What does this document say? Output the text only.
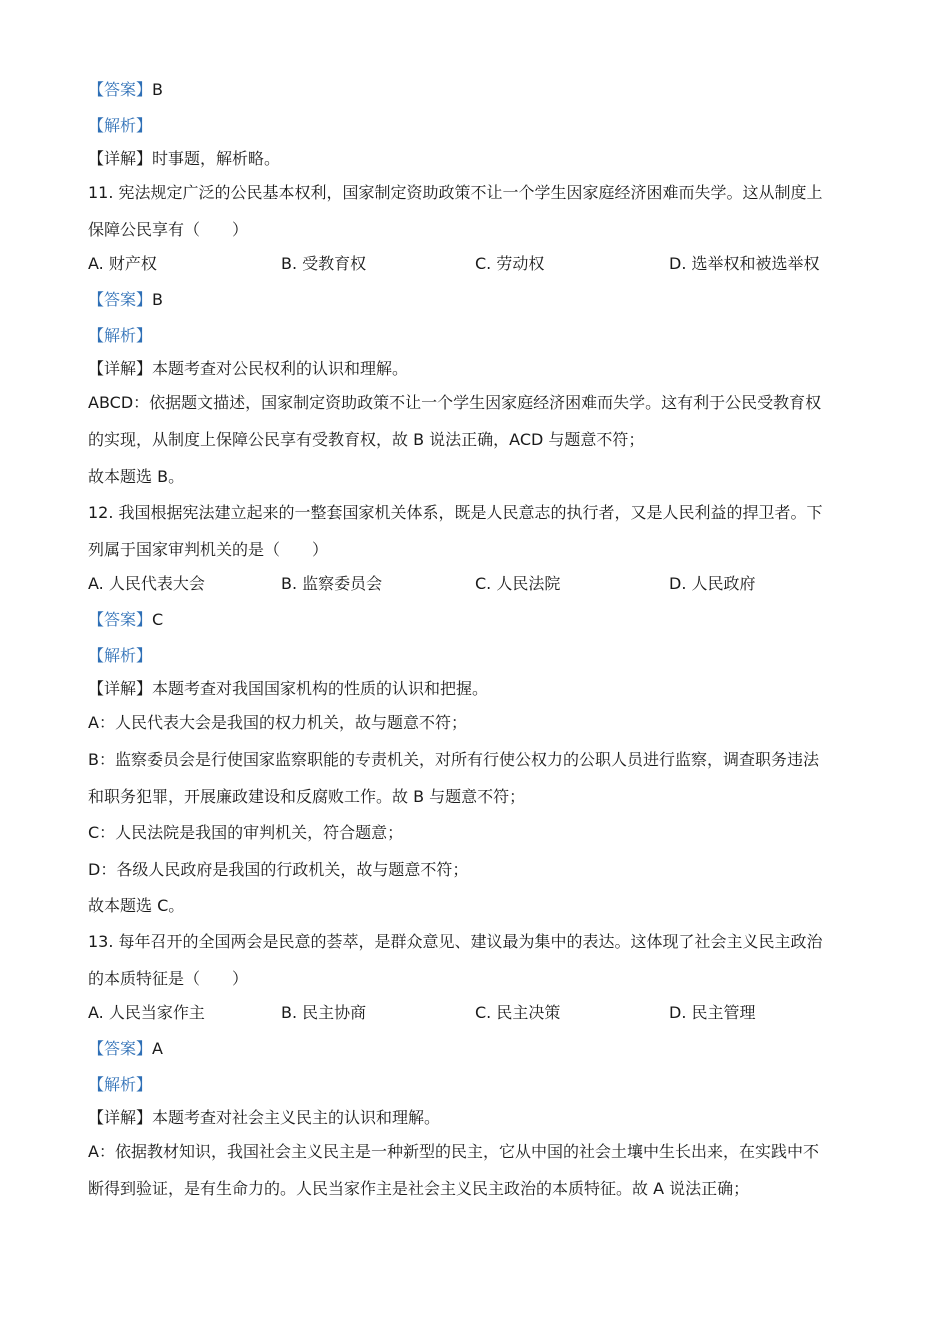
【答案】B
【解析】
【详解】时事题，解析略。
11. 宪法规定广泛的公民基本权利，国家制定资助政策不让一个学生因家庭经济困难而失学。这从制度上
保障公民享有（　　）
A. 财产权	B. 受教育权	C. 劳动权	D. 选举权和被选举权
【答案】B
【解析】
【详解】本题考查对公民权利的认识和理解。
ABCD：依据题文描述，国家制定资助政策不让一个学生因家庭经济困难而失学。这有利于公民受教育权
的实现，从制度上保障公民享有受教育权，故 B 说法正确，ACD 与题意不符；
故本题选 B。
12. 我国根据宪法建立起来的一整套国家机关体系，既是人民意志的执行者，又是人民利益的捍卫者。下
列属于国家审判机关的是（　　）
A. 人民代表大会	B. 监察委员会	C. 人民法院	D. 人民政府
【答案】C
【解析】
【详解】本题考查对我国国家机构的性质的认识和把握。
A：人民代表大会是我国的权力机关，故与题意不符；
B：监察委员会是行使国家监察职能的专责机关，对所有行使公权力的公职人员进行监察，调查职务违法
和职务犯罪，开展廉政建设和反腐败工作。故 B 与题意不符；
C：人民法院是我国的审判机关，符合题意；
D：各级人民政府是我国的行政机关，故与题意不符；
故本题选 C。
13. 每年召开的全国两会是民意的荟萃，是群众意见、建议最为集中的表达。这体现了社会主义民主政治
的本质特征是（　　）
A. 人民当家作主	B. 民主协商	C. 民主决策	D. 民主管理
【答案】A
【解析】
【详解】本题考查对社会主义民主的认识和理解。
A：依据教材知识，我国社会主义民主是一种新型的民主，它从中国的社会土壤中生长出来，在实践中不
断得到验证，是有生命力的。人民当家作主是社会主义民主政治的本质特征。故 A 说法正确；
